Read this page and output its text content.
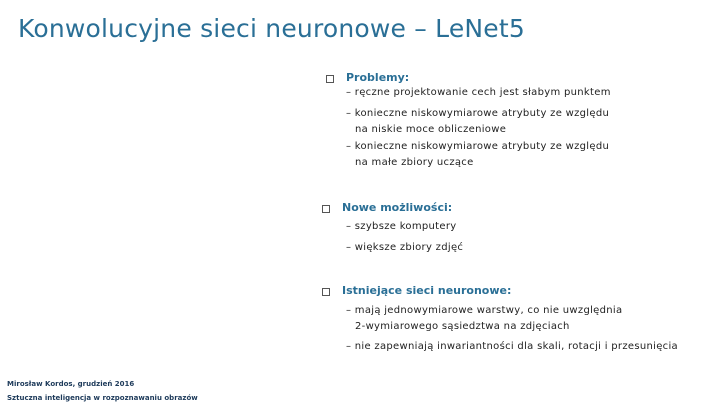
Konwolucyjne sieci neuronowe – LeNet5
Problemy:
– ręczne projektowanie cech jest słabym punktem
– konieczne niskowymiarowe atrybuty ze względu
na niskie moce obliczeniowe
– konieczne niskowymiarowe atrybuty ze względu
na małe zbiory uczące
Nowe możliwości:
– szybsze komputery
– większe zbiory zdjęć
Istniejące sieci neuronowe:
– mają jednowymiarowe warstwy, co nie uwzględnia
2-wymiarowego sąsiedztwa na zdjęciach
– nie zapewniają inwariantności dla skali, rotacji i przesunięcia
Mirosław Kordos, grudzień 2016
Sztuczna inteligencja w rozpoznawaniu obrazów
